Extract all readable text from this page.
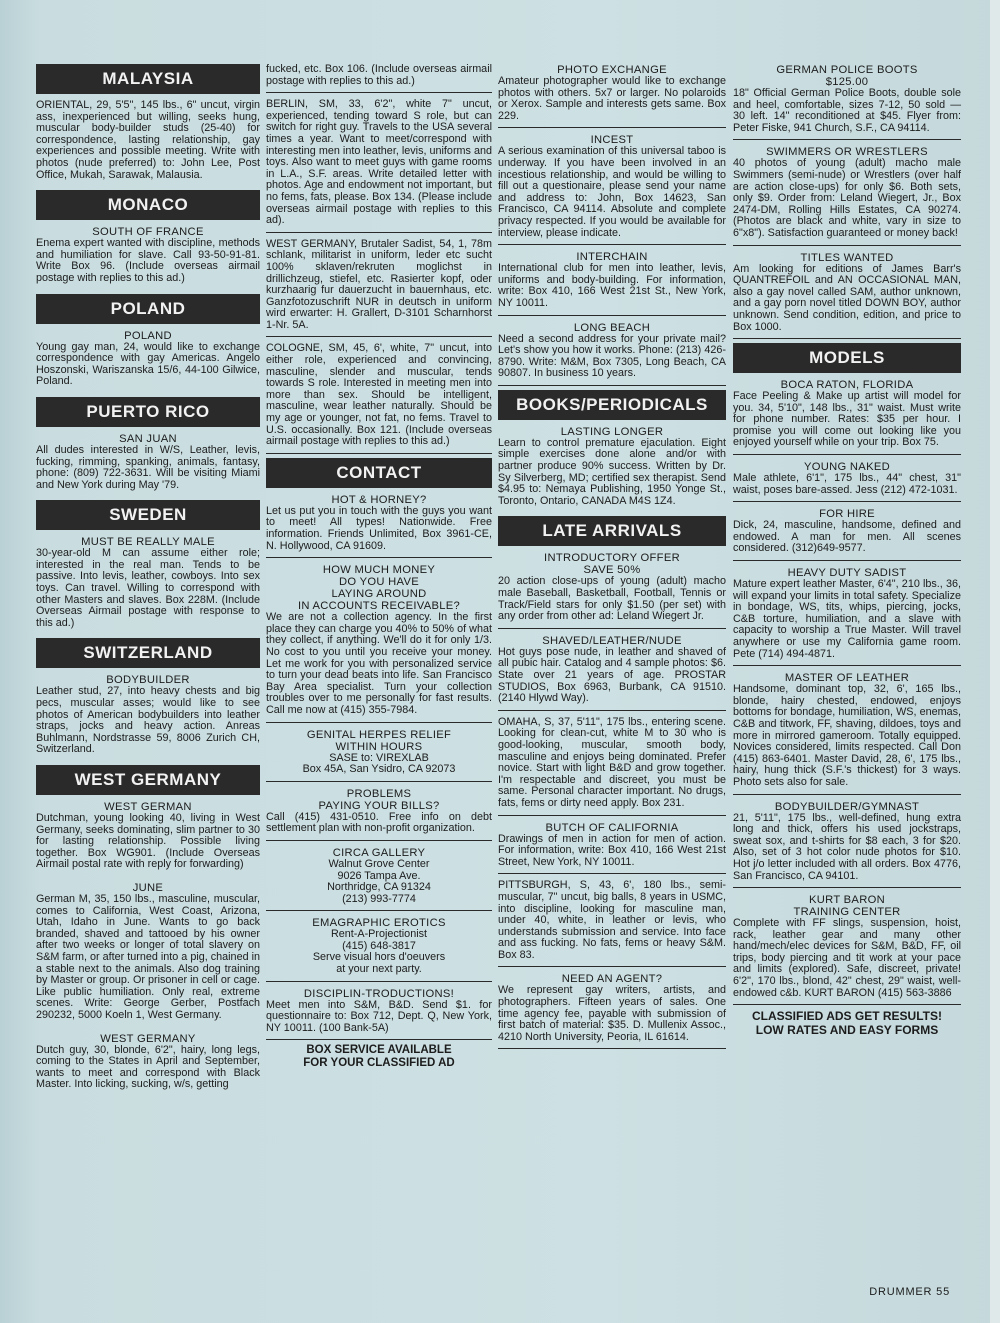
MALAYSIA
ORIENTAL, 29, 5'5", 145 lbs., 6" uncut, virgin ass, inexperienced but willing, seeks hung, muscular body-builder studs (25-40) for correspondence, lasting relationship, gay experiences and possible meeting. Write with photos (nude preferred) to: John Lee, Post Office, Mukah, Sarawak, Malausia.
MONACO
SOUTH OF FRANCE
Enema expert wanted with discipline, methods and humiliation for slave. Call 93-50-91-81. Write Box 96. (Include overseas airmail postage with replies to this ad.)
POLAND
POLAND
Young gay man, 24, would like to exchange correspondence with gay Americas. Angelo Hoszonski, Wariszanska 15/6, 44-100 Gilwice, Poland.
PUERTO RICO
SAN JUAN
All dudes interested in W/S, Leather, levis, fucking, rimming, spanking, animals, fantasy, phone: (809) 722-3631. Will be visiting Miami and New York during May '79.
SWEDEN
MUST BE REALLY MALE
30-year-old M can assume either role; interested in the real man. Tends to be passive. Into levis, leather, cowboys. Into sex toys. Can travel. Willing to correspond with other Masters and slaves. Box 228M. (Include Overseas Airmail postage with response to this ad.)
SWITZERLAND
BODYBUILDER
Leather stud, 27, into heavy chests and big pecs, muscular asses; would like to see photos of American bodybuilders into leather straps, jocks and heavy action. Anreas Buhlmann, Nordstrasse 59, 8006 Zurich CH, Switzerland.
WEST GERMANY
WEST GERMAN
Dutchman, young looking 40, living in West Germany, seeks dominating, slim partner to 30 for lasting relationship. Possible living together. Box WG901. (Include Overseas Airmail postal rate with reply for forwarding)
JUNE
German M, 35, 150 lbs., masculine, muscular, comes to California, West Coast, Arizona, Utah, Idaho in June. Wants to go back branded, shaved and tattooed by his owner after two weeks or longer of total slavery on S&M farm, or after turned into a pig, chained in a stable next to the animals. Also dog training by Master or group. Or prisoner in cell or cage. Like public humiliation. Only real, extreme scenes. Write: George Gerber, Postfach 290232, 5000 Koeln 1, West Germany.
WEST GERMANY
Dutch guy, 30, blonde, 6'2", hairy, long legs, coming to the States in April and September, wants to meet and correspond with Black Master. Into licking, sucking, w/s, getting
fucked, etc. Box 106. (Include overseas airmail postage with replies to this ad.)
BERLIN, SM, 33, 6'2", white 7" uncut, experienced, tending toward S role, but can switch for right guy. Travels to the USA several times a year. Want to meet/correspond with interesting men into leather, levis, uniforms and toys. Also want to meet guys with game rooms in L.A., S.F. areas. Write detailed letter with photos. Age and endowment not important, but no fems, fats, please. Box 134. (Please include overseas airmail postage with replies to this ad).
WEST GERMANY, Brutaler Sadist, 54, 1, 78m schlank, militarist in uniform, leder etc sucht 100% sklaven/rekruten moglichst in drillichzeug, stiefel, etc. Rasierter kopf, oder kurzhaarig fur dauerzucht in bauernhaus, etc. Ganzfotozuschrift NUR in deutsch in uniform wird erwarter: H. Grallert, D-3101 Scharnhorst 1-Nr. 5A.
COLOGNE, SM, 45, 6', white, 7" uncut, into either role, experienced and convincing, masculine, slender and muscular, tends towards S role. Interested in meeting men into more than sex. Should be intelligent, masculine, wear leather naturally. Should be my age or younger, not fat, no fems. Travel to U.S. occasionally. Box 121. (Include overseas airmail postage with replies to this ad.)
CONTACT
HOT & HORNEY?
Let us put you in touch with the guys you want to meet! All types! Nationwide. Free information. Friends Unlimited, Box 3961-CE, N. Hollywood, CA 91609.
HOW MUCH MONEY
DO YOU HAVE
LAYING AROUND
IN ACCOUNTS RECEIVABLE?
We are not a collection agency. In the first place they can charge you 40% to 50% of what they collect, if anything. We'll do it for only 1/3. No cost to you until you receive your money. Let me work for you with personalized service to turn your dead beats into life. San Francisco Bay Area specialist. Turn your collection troubles over to me personally for fast results. Call me now at (415) 355-7984.
GENITAL HERPES RELIEF
WITHIN HOURS
SASE to: VIREXLAB
Box 45A, San Ysidro, CA 92073
PROBLEMS
PAYING YOUR BILLS?
Call (415) 431-0510. Free info on debt settlement plan with non-profit organization.
CIRCA GALLERY
Walnut Grove Center
9026 Tampa Ave.
Northridge, CA 91324
(213) 993-7774
EMAGRAPHIC EROTICS
Rent-A-Projectionist
(415) 648-3817
Serve visual hors d'oeuvers
at your next party.
DISCIPLIN-TRODUCTIONS!
Meet men into S&M, B&D. Send $1. for questionnaire to: Box 712, Dept. Q, New York, NY 10011. (100 Bank-5A)
BOX SERVICE AVAILABLE
FOR YOUR CLASSIFIED AD
PHOTO EXCHANGE
Amateur photographer would like to exchange photos with others. 5x7 or larger. No polaroids or Xerox. Sample and interests gets same. Box 229.
INCEST
A serious examination of this universal taboo is underway. If you have been involved in an incestious relationship, and would be willing to fill out a questionaire, please send your name and address to: John, Box 14623, San Francisco, CA 94114. Absolute and complete privacy respected. If you would be available for interview, please indicate.
INTERCHAIN
International club for men into leather, levis, uniforms and body-building. For information, write: Box 410, 166 West 21st St., New York, NY 10011.
LONG BEACH
Need a second address for your private mail? Let's show you how it works. Phone: (213) 426-8790. Write: M&M, Box 7305, Long Beach, CA 90807. In business 10 years.
BOOKS/PERIODICALS
LASTING LONGER
Learn to control premature ejaculation. Eight simple exercises done alone and/or with partner produce 90% success. Written by Dr. Sy Silverberg, MD; certified sex therapist. Send $4.95 to: Nemaya Publishing, 1950 Yonge St., Toronto, Ontario, CANADA M4S 1Z4.
LATE ARRIVALS
INTRODUCTORY OFFER
SAVE 50%
20 action close-ups of young (adult) macho male Baseball, Basketball, Football, Tennis or Track/Field stars for only $1.50 (per set) with any order from other ad: Leland Wiegert Jr.
SHAVED/LEATHER/NUDE
Hot guys pose nude, in leather and shaved of all pubic hair. Catalog and 4 sample photos: $6. State over 21 years of age. PROSTAR STUDIOS, Box 6963, Burbank, CA 91510. (2140 Hlywd Way).
OMAHA, S, 37, 5'11", 175 lbs., entering scene. Looking for clean-cut, white M to 30 who is good-looking, muscular, smooth body, masculine and enjoys being dominated. Prefer novice. Start with light B&D and grow together. I'm respectable and discreet, you must be same. Personal character important. No drugs, fats, fems or dirty need apply. Box 231.
BUTCH OF CALIFORNIA
Drawings of men in action for men of action. For information, write: Box 410, 166 West 21st Street, New York, NY 10011.
PITTSBURGH, S, 43, 6', 180 lbs., semi-muscular, 7" uncut, big balls, 8 years in USMC, into discipline, looking for masculine man, under 40, white, in leather or levis, who understands submission and service. Into face and ass fucking. No fats, fems or heavy S&M. Box 83.
NEED AN AGENT?
We represent gay writers, artists, and photographers. Fifteen years of sales. One time agency fee, payable with submission of first batch of material: $35. D. Mullenix Assoc., 4210 North University, Peoria, IL 61614.
GERMAN POLICE BOOTS
$125.00
18" Official German Police Boots, double sole and heel, comfortable, sizes 7-12, 50 sold — 30 left. 14" reconditioned at $45. Flyer from: Peter Fiske, 941 Church, S.F., CA 94114.
SWIMMERS OR WRESTLERS
40 photos of young (adult) macho male Swimmers (semi-nude) or Wrestlers (over half are action close-ups) for only $6. Both sets, only $9. Order from: Leland Wiegert, Jr., Box 2474-DM, Rolling Hills Estates, CA 90274. (Photos are black and white, vary in size to 6"x8"). Satisfaction guaranteed or money back!
TITLES WANTED
Am looking for editions of James Barr's QUANTREFOIL and AN OCCASIONAL MAN, also a gay novel called SAM, author unknown, and a gay porn novel titled DOWN BOY, author unknown. Send condition, edition, and price to Box 1000.
MODELS
BOCA RATON, FLORIDA
Face Peeling & Make up artist will model for you. 34, 5'10", 148 lbs., 31" waist. Must write for phone number. Rates: $35 per hour. I promise you will come out looking like you enjoyed yourself while on your trip. Box 75.
YOUNG NAKED
Male athlete, 6'1", 175 lbs., 44" chest, 31" waist, poses bare-assed. Jess (212) 472-1031.
FOR HIRE
Dick, 24, masculine, handsome, defined and endowed. A man for men. All scenes considered. (312)649-9577.
HEAVY DUTY SADIST
Mature expert leather Master, 6'4", 210 lbs., 36, will expand your limits in total safety. Specialize in bondage, WS, tits, whips, piercing, jocks, C&B torture, humiliation, and a slave with capacity to worship a True Master. Will travel anywhere or use my California game room. Pete (714) 494-4871.
MASTER OF LEATHER
Handsome, dominant top, 32, 6', 165 lbs., blonde, hairy chested, endowed, enjoys bottoms for bondage, humiliation, WS, enemas, C&B and titwork, FF, shaving, dildoes, toys and more in mirrored gameroom. Totally equipped. Novices considered, limits respected. Call Don (415) 863-6401. Master David, 28, 6', 175 lbs., hairy, hung thick (S.F.'s thickest) for 3 ways. Photo sets also for sale.
BODYBUILDER/GYMNAST
21, 5'11", 175 lbs., well-defined, hung extra long and thick, offers his used jockstraps, sweat sox, and t-shirts for $8 each, 3 for $20. Also, set of 3 hot color nude photos for $10. Hot j/o letter included with all orders. Box 4776, San Francisco, CA 94101.
KURT BARON
TRAINING CENTER
Complete with FF slings, suspension, hoist, rack, leather gear and many other hand/mech/elec devices for S&M, B&D, FF, oil trips, body piercing and tit work at your pace and limits (explored). Safe, discreet, private! 6'2", 170 lbs., blond, 42" chest, 29" waist, well-endowed c&b. KURT BARON (415) 563-3886
CLASSIFIED ADS GET RESULTS!
LOW RATES AND EASY FORMS
DRUMMER 55
